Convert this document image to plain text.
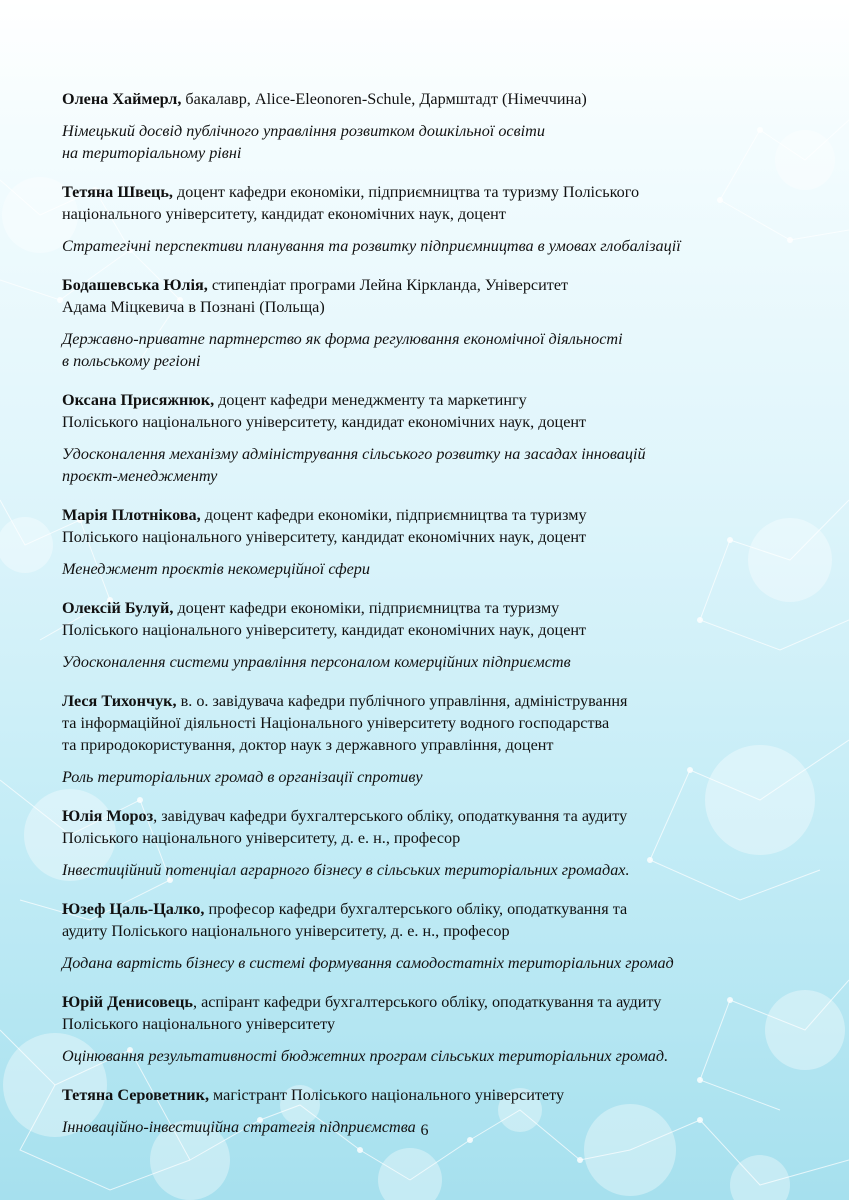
Олена Хаймерл, бакалавр, Alice-Eleonoren-Schule, Дармштадт (Німеччина)

Німецький досвід публічного управління розвитком дошкільної освіти
на територіальному рівні

Тетяна Швець, доцент кафедри економіки, підприємництва та туризму Поліського
національного університету, кандидат економічних наук, доцент

Стратегічні перспективи планування та розвитку підприємництва в умовах глобалізації

Бодашевська Юлія, стипендіат програми Лейна Кіркланда, Університет
Адама Міцкевича в Познані (Польща)

Державно-приватне партнерство як форма регулювання економічної діяльності
в польському регіоні

Оксана Присяжнюк, доцент кафедри менеджменту та маркетингу
Поліського національного університету, кандидат економічних наук, доцент

Удосконалення механізму адміністрування сільського розвитку на засадах інновацій
проєкт-менеджменту

Марія Плотнікова, доцент кафедри економіки, підприємництва та туризму
Поліського національного університету, кандидат економічних наук, доцент

Менеджмент проєктів некомерційної сфери

Олексій Булуй, доцент кафедри економіки, підприємництва та туризму
Поліського національного університету, кандидат економічних наук, доцент

Удосконалення системи управління персоналом комерційних підприємств

Леся Тихончук, в. о. завідувача кафедри публічного управління, адміністрування
та інформаційної діяльності Національного університету водного господарства
та природокористування, доктор наук з державного управління, доцент

Роль територіальних громад в організації спротиву

Юлія Мороз, завідувач кафедри бухгалтерського обліку, оподаткування та аудиту
Поліського національного університету, д. е. н., професор

Інвестиційний потенціал аграрного бізнесу в сільських територіальних громадах.

Юзеф Цаль-Цалко, професор кафедри бухгалтерського обліку, оподаткування та
аудиту Поліського національного університету, д. е. н., професор

Додана вартість бізнесу в системі формування самодостатніх територіальних громад

Юрій Денисовець, аспірант кафедри бухгалтерського обліку, оподаткування та аудиту
Поліського національного університету

Оцінювання результативності бюджетних програм сільських територіальних громад.

Тетяна Сероветник, магістрант Поліського національного університету

Інноваційно-інвестиційна стратегія підприємства 6
